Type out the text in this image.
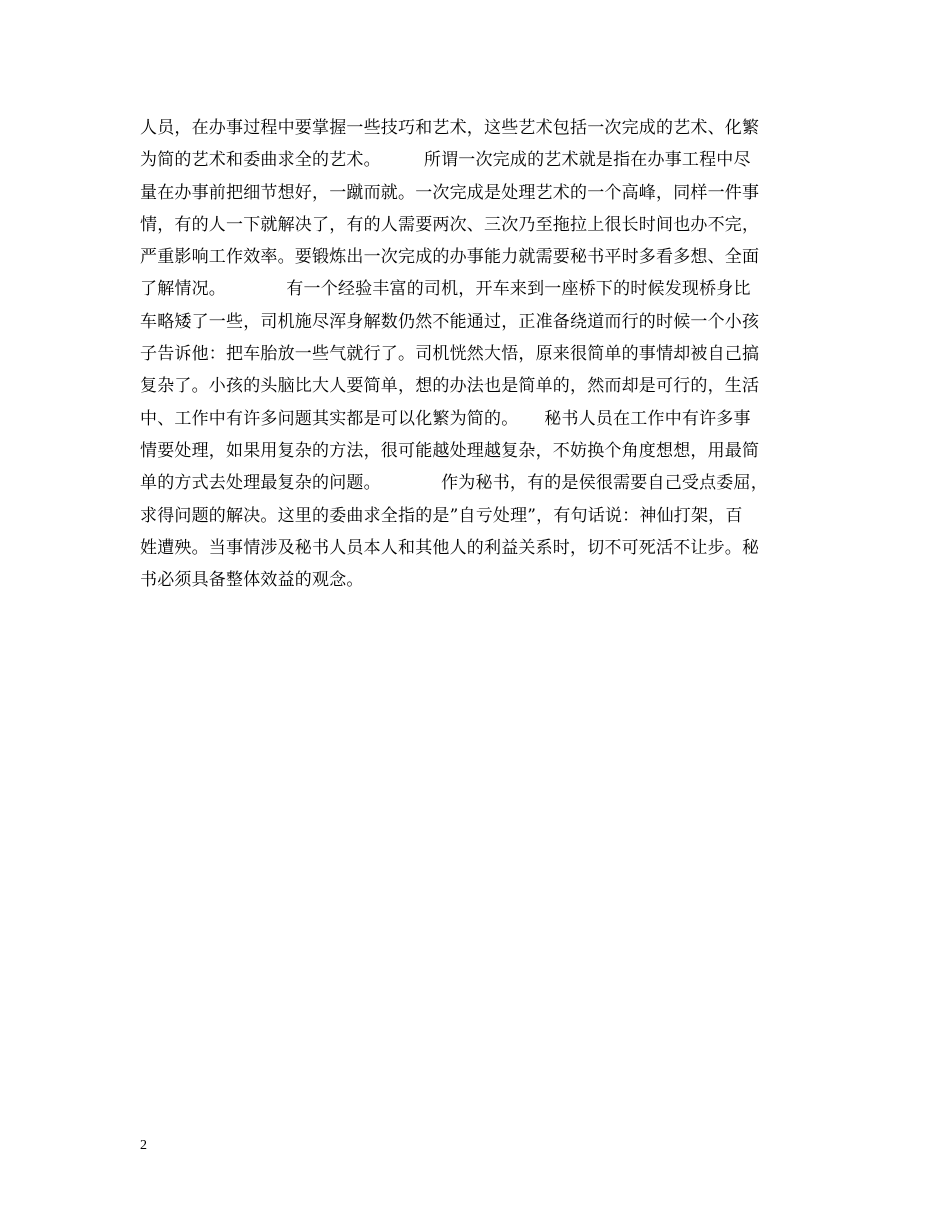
人员，在办事过程中要掌握一些技巧和艺术，这些艺术包括一次完成的艺术、化繁
为简的艺术和委曲求全的艺术。　　　所谓一次完成的艺术就是指在办事工程中尽
量在办事前把细节想好，一蹴而就。一次完成是处理艺术的一个高峰，同样一件事
情，有的人一下就解决了，有的人需要两次、三次乃至拖拉上很长时间也办不完，
严重影响工作效率。要锻炼出一次完成的办事能力就需要秘书平时多看多想、全面
了解情况。　　　　有一个经验丰富的司机，开车来到一座桥下的时候发现桥身比
车略矮了一些，司机施尽浑身解数仍然不能通过，正准备绕道而行的时候一个小孩
子告诉他：把车胎放一些气就行了。司机恍然大悟，原来很简单的事情却被自己搞
复杂了。小孩的头脑比大人要简单，想的办法也是简单的，然而却是可行的，生活
中、工作中有许多问题其实都是可以化繁为简的。　　秘书人员在工作中有许多事
情要处理，如果用复杂的方法，很可能越处理越复杂，不妨换个角度想想，用最简
单的方式去处理最复杂的问题。　　　　作为秘书，有的是侯很需要自己受点委屈，
求得问题的解决。这里的委曲求全指的是”自亏处理”，有句话说：神仙打架，百
姓遭殃。当事情涉及秘书人员本人和其他人的利益关系时，切不可死活不让步。秘
书必须具备整体效益的观念。
2
